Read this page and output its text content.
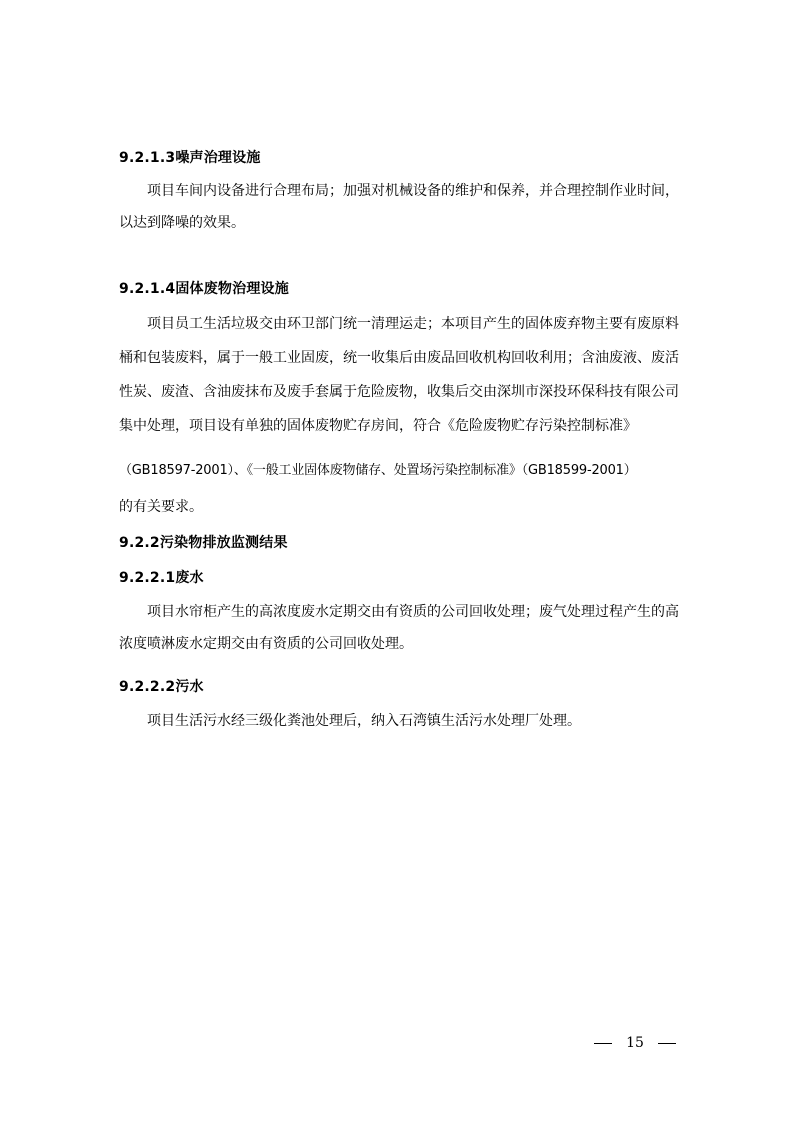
9.2.1.3噪声治理设施

项目车间内设备进行合理布局；加强对机械设备的维护和保养，并合理控制作业时间，以达到降噪的效果。

9.2.1.4固体废物治理设施

项目员工生活垃圾交由环卫部门统一清理运走；本项目产生的固体废弃物主要有废原料桶和包装废料，属于一般工业固废，统一收集后由废品回收机构回收利用；含油废液、废活性炭、废渣、含油废抹布及废手套属于危险废物，收集后交由深圳市深投环保科技有限公司集中处理，项目设有单独的固体废物贮存房间，符合《危险废物贮存污染控制标准》

（GB18597-2001）、《一般工业固体废物储存、处置场污染控制标准》（GB18599-2001）
的有关要求。
9.2.2污染物排放监测结果
9.2.2.1废水

项目水帘柜产生的高浓度废水定期交由有资质的公司回收处理；废气处理过程产生的高浓度喷淋废水定期交由有资质的公司回收处理。

9.2.2.2污水

项目生活污水经三级化粪池处理后，纳入石湾镇生活污水处理厂处理。

15
